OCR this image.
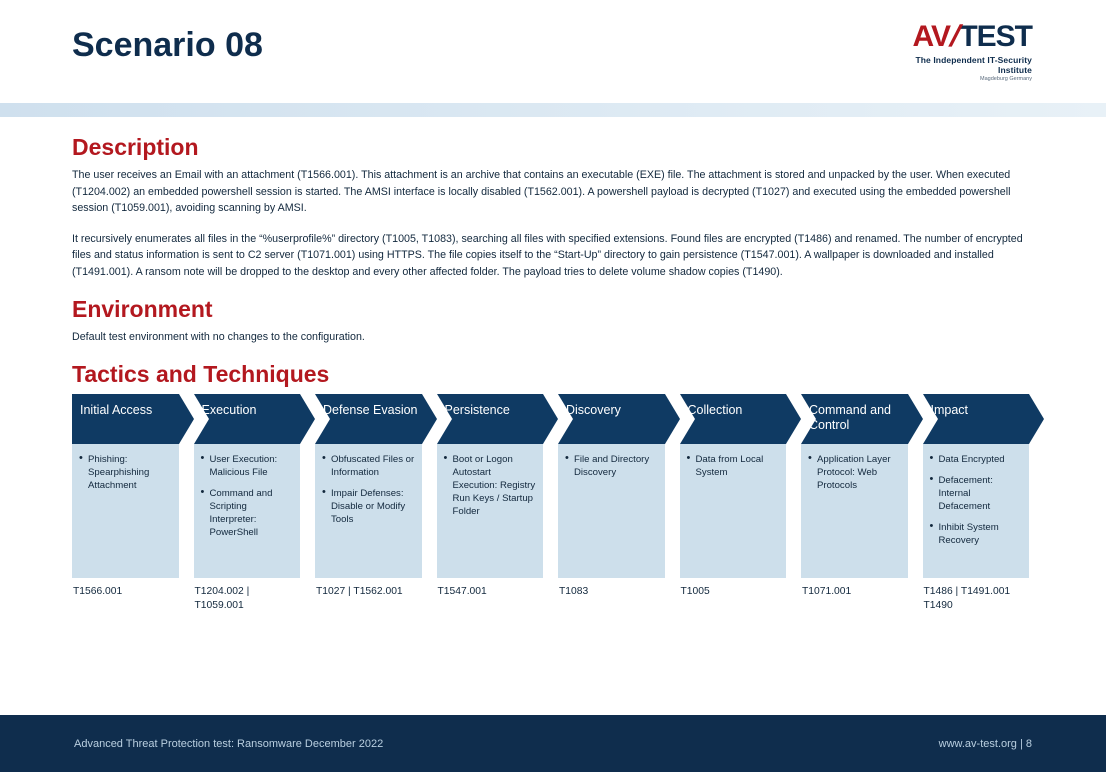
Scenario 08	AV/TEST
The Independent IT-Security Institute
Magdeburg Germany
Description

The user receives an Email with an attachment (T1566.001). This attachment is an archive that contains an executable (EXE) file. The attachment is stored and unpacked by the user. When executed (T1204.002) an embedded powershell session is started. The AMSI interface is locally disabled (T1562.001). A powershell payload is decrypted (T1027) and executed using the embedded powershell session (T1059.001), avoiding scanning by AMSI.

It recursively enumerates all files in the “%userprofile%” directory (T1005, T1083), searching all files with specified extensions. Found files are encrypted (T1486) and renamed. The number of encrypted files and status information is sent to C2 server (T1071.001) using HTTPS. The file copies itself to the “Start-Up” directory to gain persistence (T1547.001). A wallpaper is downloaded and installed (T1491.001). A ransom note will be dropped to the desktop and every other affected folder. The payload tries to delete volume shadow copies (T1490).

Environment
Default test environment with no changes to the configuration.
Tactics and Techniques
Initial Access
• Phishing: Spearphishing Attachment
T1566.001
Execution
• User Execution: Malicious File
• Command and Scripting Interpreter: PowerShell
T1204.002 | T1059.001
Defense Evasion
• Obfuscated Files or Information
• Impair Defenses: Disable or Modify Tools
T1027 | T1562.001
Persistence
• Boot or Logon Autostart Execution: Registry Run Keys / Startup Folder
T1547.001
Discovery
• File and Directory Discovery
T1083
Collection
• Data from Local System
T1005
Command and Control
• Application Layer Protocol: Web Protocols
T1071.001
Impact
• Data Encrypted
• Defacement: Internal Defacement
• Inhibit System Recovery
T1486 | T1491.001 T1490
Advanced Threat Protection test: Ransomware December 2022	www.av-test.org | 8
